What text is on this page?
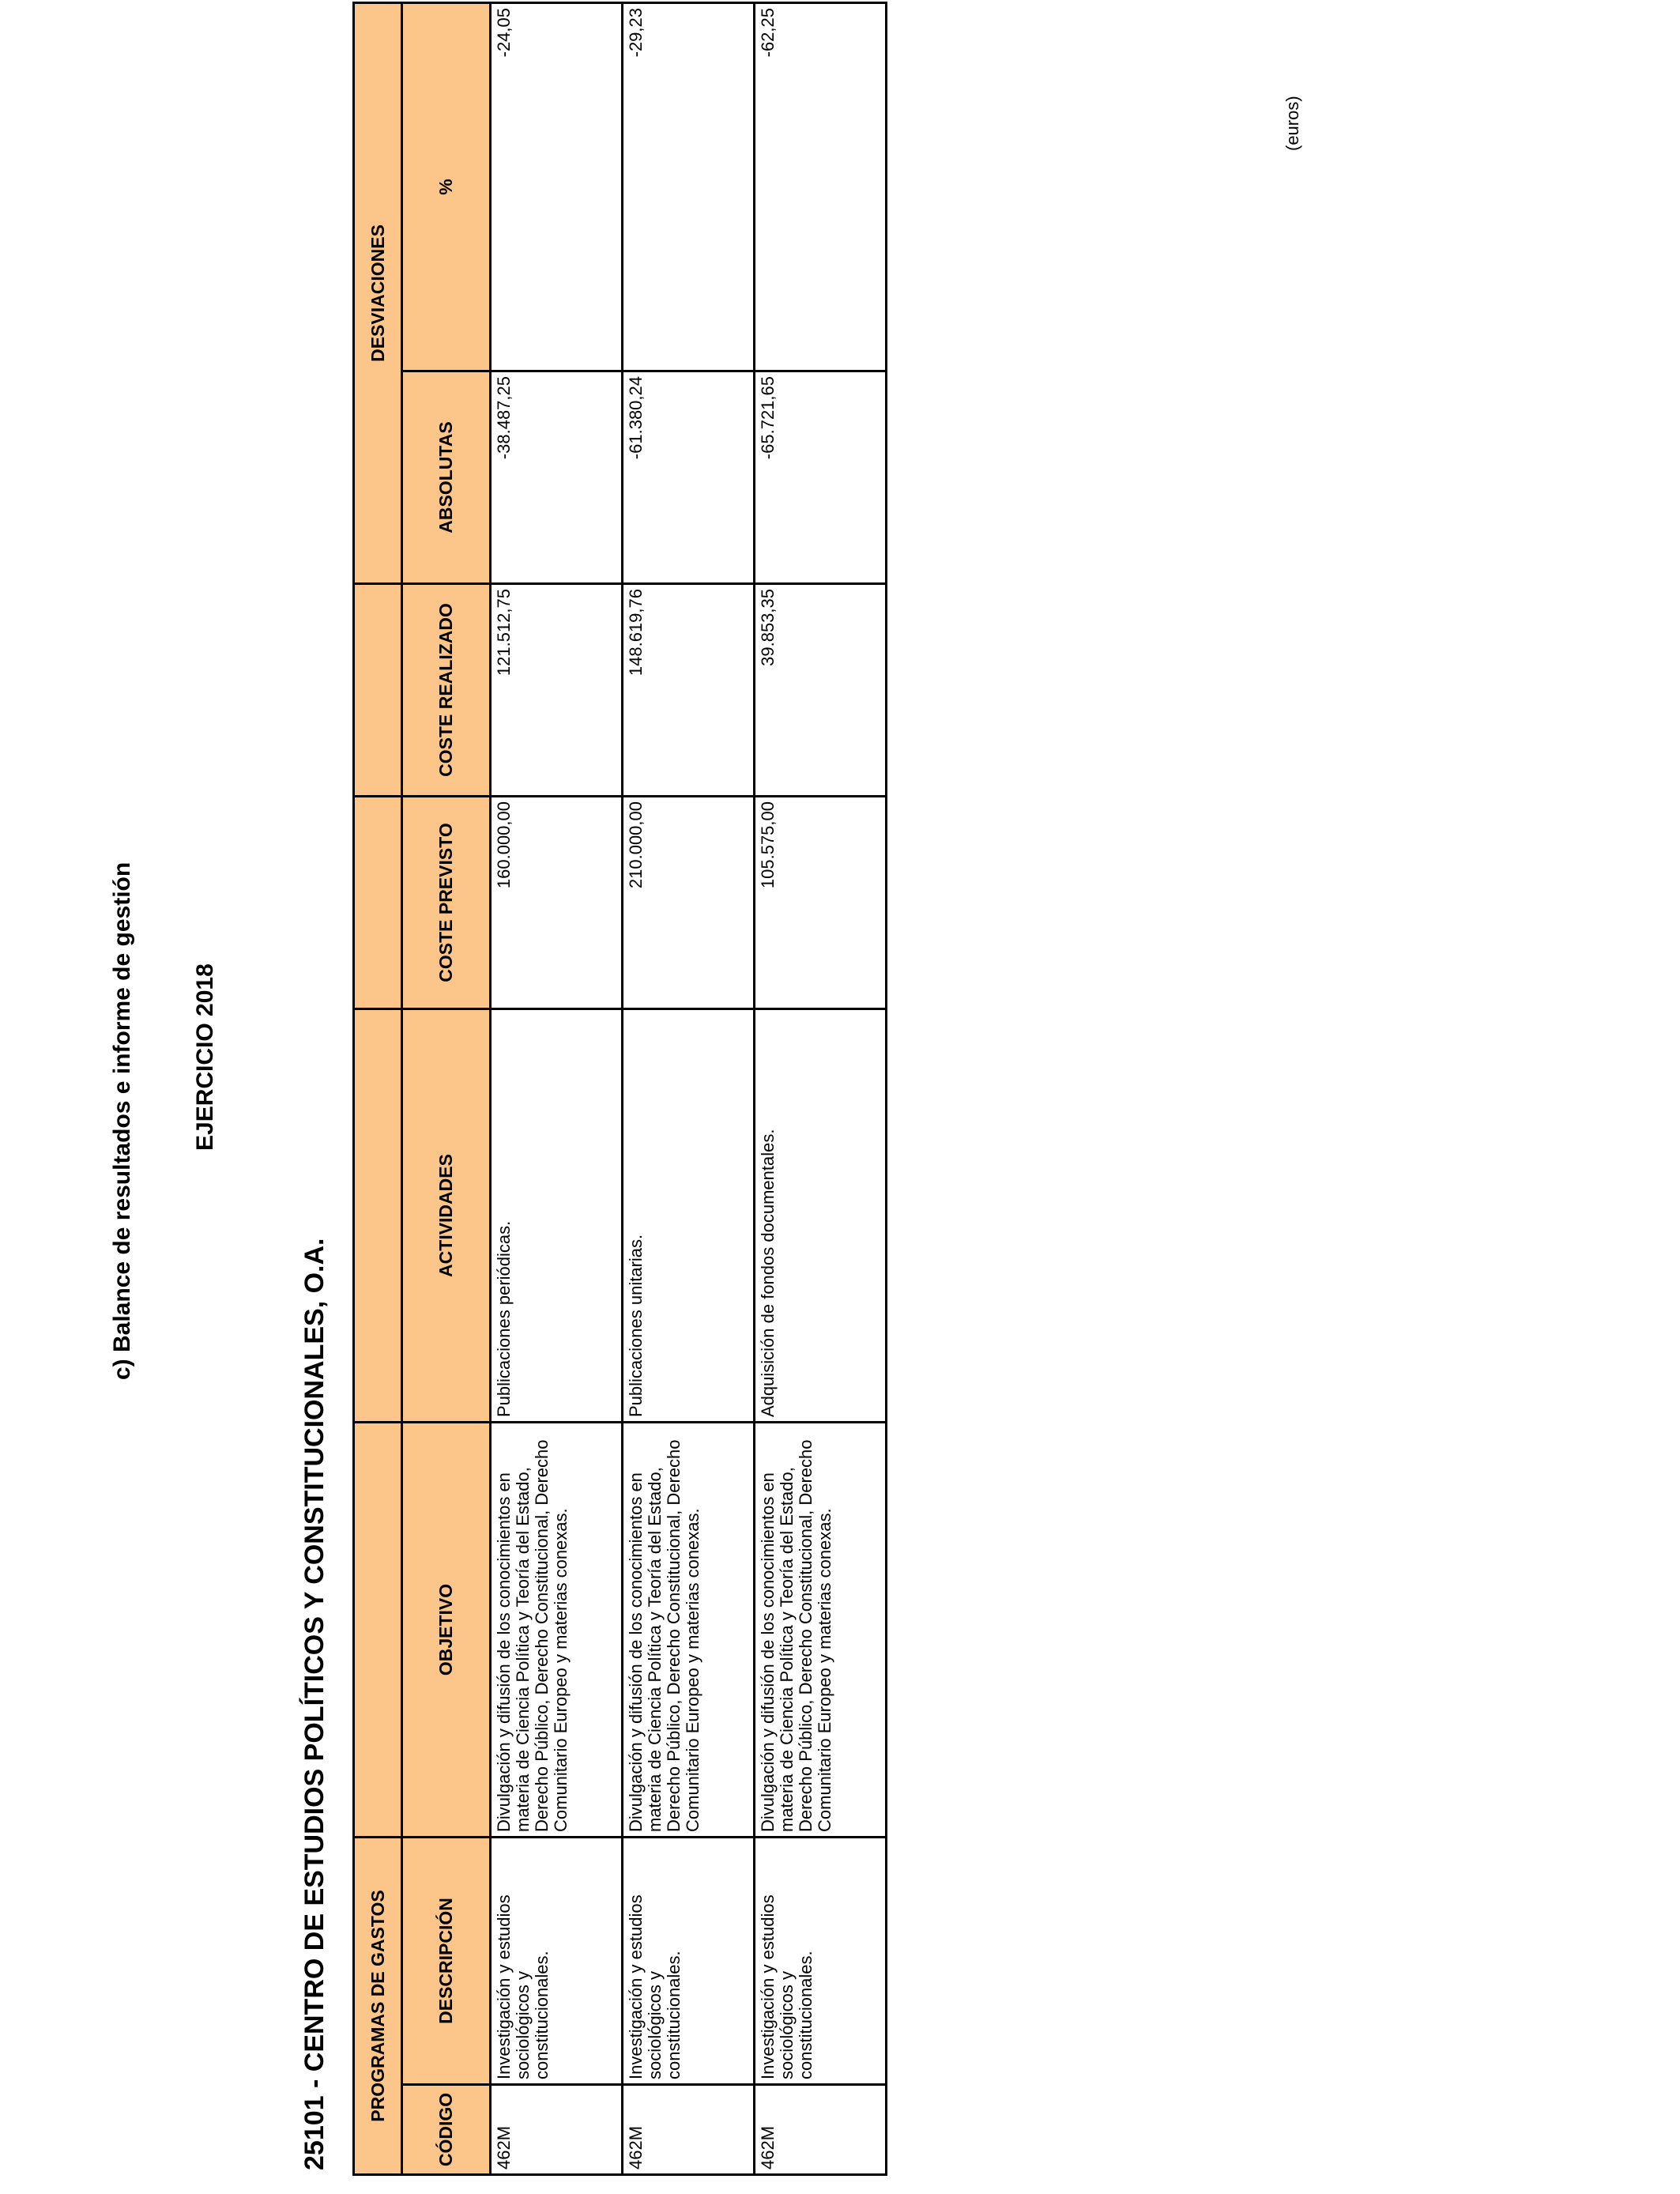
c) Balance de resultados e informe de gestión EJERCICIO 2018
25101 - CENTRO DE ESTUDIOS POLÍTICOS Y CONSTITUCIONALES, O.A.
(euros)
PROGRAMAS DE GASTOS						DESVIACIONES	
CÓDIGO	DESCRIPCIÓN	OBJETIVO	ACTIVIDADES	COSTE PREVISTO	COSTE REALIZADO	ABSOLUTAS	%
462M	Investigación y estudios sociológicos y constitucionales.	Divulgación y difusión de los conocimientos en materia de Ciencia Política y Teoría del Estado, Derecho Público, Derecho Constitucional, Derecho Comunitario Europeo y materias conexas.	Publicaciones periódicas.	160.000,00	121.512,75	-38.487,25	-24,05
462M	Investigación y estudios sociológicos y constitucionales.	Divulgación y difusión de los conocimientos en materia de Ciencia Política y Teoría del Estado, Derecho Público, Derecho Constitucional, Derecho Comunitario Europeo y materias conexas.	Publicaciones unitarias.	210.000,00	148.619,76	-61.380,24	-29,23
462M	Investigación y estudios sociológicos y constitucionales.	Divulgación y difusión de los conocimientos en materia de Ciencia Política y Teoría del Estado, Derecho Público, Derecho Constitucional, Derecho Comunitario Europeo y materias conexas.	Adquisición de fondos documentales.	105.575,00	39.853,35	-65.721,65	-62,25
